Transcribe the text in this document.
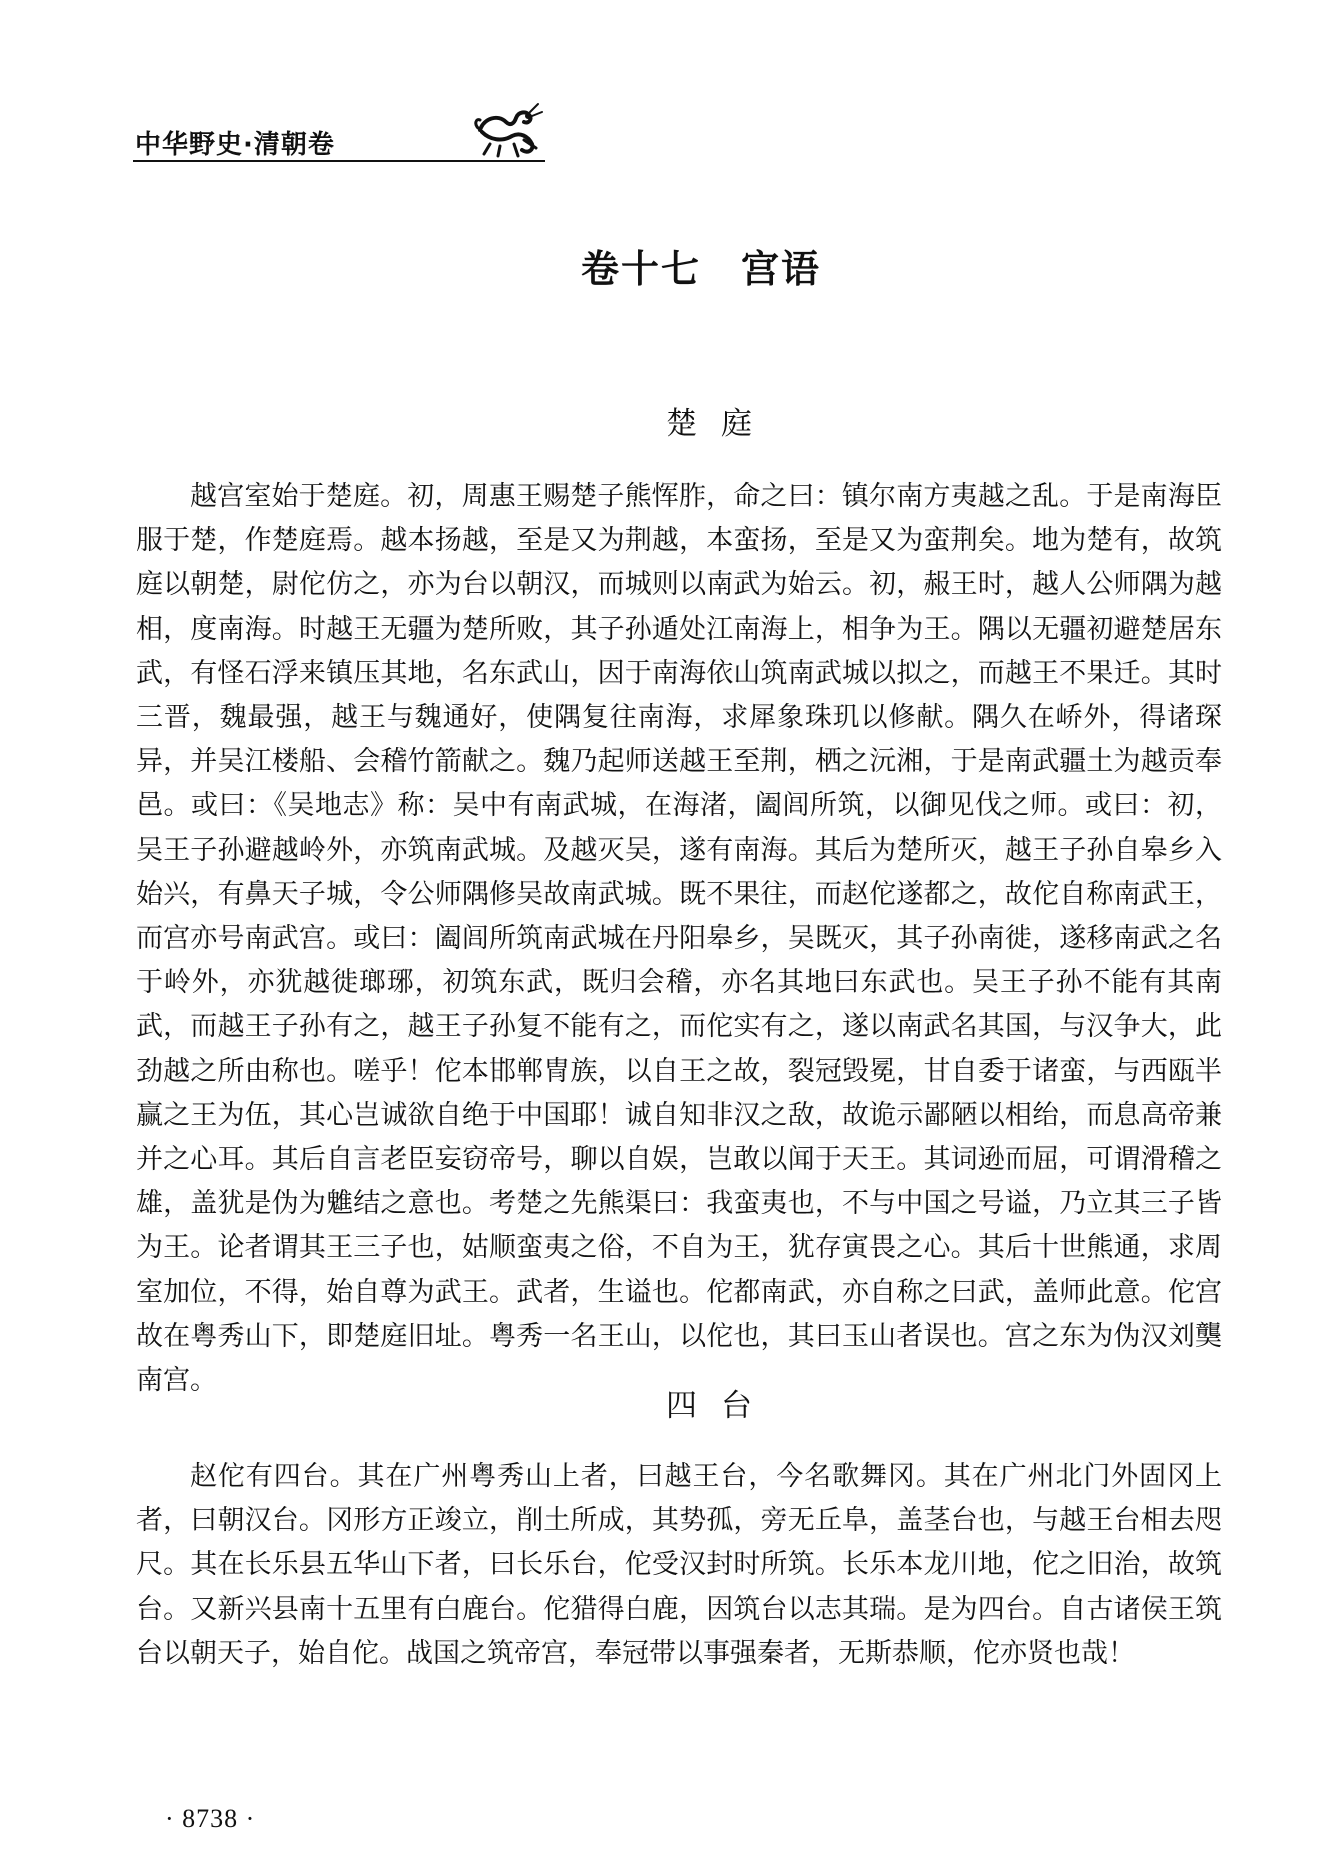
中华野史·清朝卷
卷十七　宫语
楚庭

越宫室始于楚庭。初，周惠王赐楚子熊恽胙，命之曰：镇尔南方夷越之乱。于是南海臣服于楚，作楚庭焉。越本扬越，至是又为荆越，本蛮扬，至是又为蛮荆矣。地为楚有，故筑庭以朝楚，尉佗仿之，亦为台以朝汉，而城则以南武为始云。初，赧王时，越人公师隅为越相，度南海。时越王无疆为楚所败，其子孙遁处江南海上，相争为王。隅以无疆初避楚居东武，有怪石浮来镇压其地，名东武山，因于南海依山筑南武城以拟之，而越王不果迁。其时三晋，魏最强，越王与魏通好，使隅复往南海，求犀象珠玑以修献。隅久在峤外，得诸琛异，并吴江楼船、会稽竹箭献之。魏乃起师送越王至荆，栖之沅湘，于是南武疆土为越贡奉邑。或曰：《吴地志》称：吴中有南武城，在海渚，阖闾所筑，以御见伐之师。或曰：初，吴王子孙避越岭外，亦筑南武城。及越灭吴，遂有南海。其后为楚所灭，越王子孙自皋乡入始兴，有鼻天子城，令公师隅修吴故南武城。既不果往，而赵佗遂都之，故佗自称南武王，而宫亦号南武宫。或曰：阖闾所筑南武城在丹阳皋乡，吴既灭，其子孙南徙，遂移南武之名于岭外，亦犹越徙瑯琊，初筑东武，既归会稽，亦名其地曰东武也。吴王子孙不能有其南武，而越王子孙有之，越王子孙复不能有之，而佗实有之，遂以南武名其国，与汉争大，此劲越之所由称也。嗟乎！佗本邯郸冑族，以自王之故，裂冠毁冕，甘自委于诸蛮，与西瓯半赢之王为伍，其心岂诚欲自绝于中国耶！诚自知非汉之敌，故诡示鄙陋以相绐，而息高帝兼并之心耳。其后自言老臣妄窃帝号，聊以自娱，岂敢以闻于天王。其词逊而屈，可谓滑稽之雄，盖犹是伪为魋结之意也。考楚之先熊渠曰：我蛮夷也，不与中国之号谥，乃立其三子皆为王。论者谓其王三子也，姑顺蛮夷之俗，不自为王，犹存寅畏之心。其后十世熊通，求周室加位，不得，始自尊为武王。武者，生谥也。佗都南武，亦自称之曰武，盖师此意。佗宫故在粤秀山下，即楚庭旧址。粤秀一名王山，以佗也，其曰玉山者误也。宫之东为伪汉刘龑南宫。

四台

赵佗有四台。其在广州粤秀山上者，曰越王台，今名歌舞冈。其在广州北门外固冈上者，曰朝汉台。冈形方正竣立，削土所成，其势孤，旁无丘阜，盖茎台也，与越王台相去咫尺。其在长乐县五华山下者，曰长乐台，佗受汉封时所筑。长乐本龙川地，佗之旧治，故筑台。又新兴县南十五里有白鹿台。佗猎得白鹿，因筑台以志其瑞。是为四台。自古诸侯王筑台以朝天子，始自佗。战国之筑帝宫，奉冠带以事强秦者，无斯恭顺，佗亦贤也哉！

· 8738 ·
